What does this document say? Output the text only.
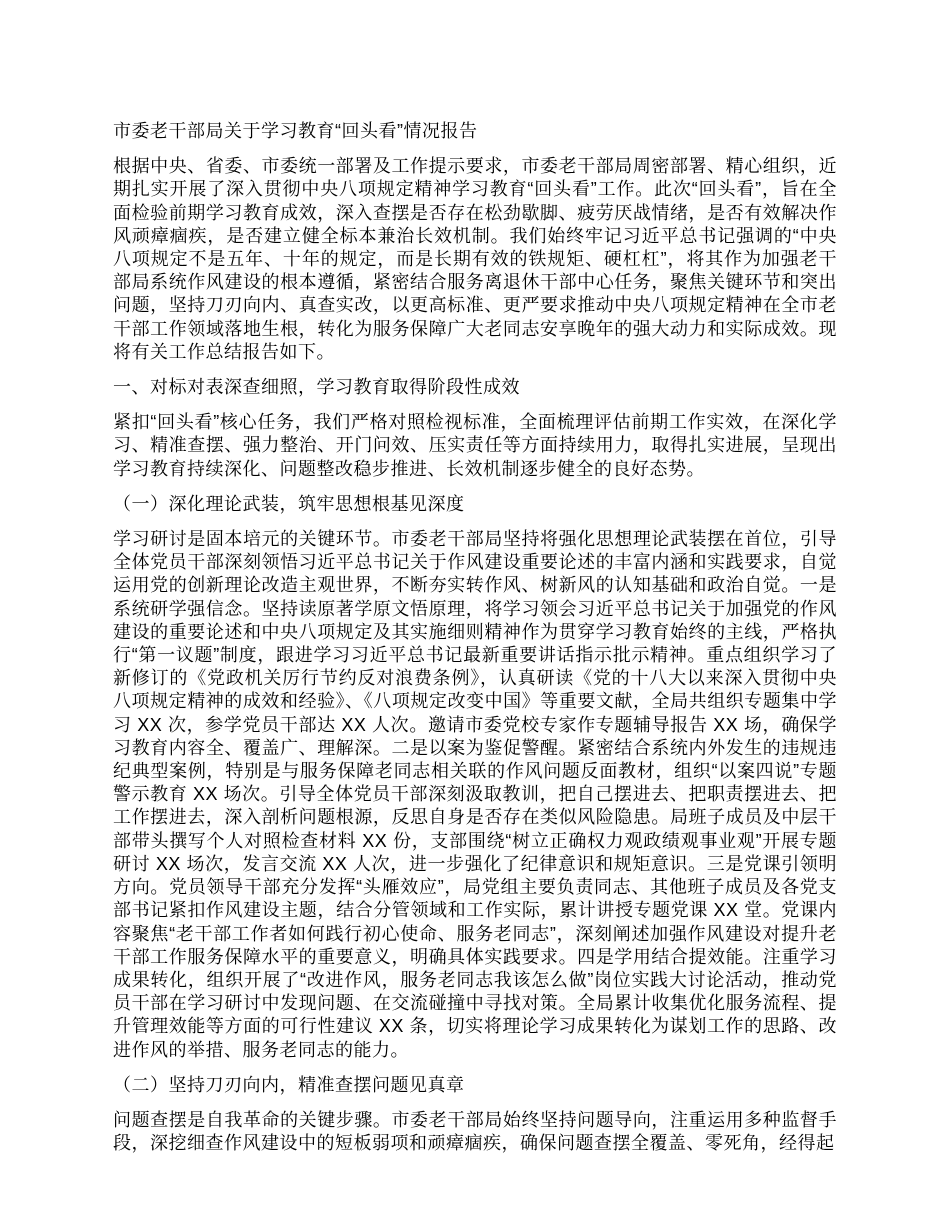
市委老干部局关于学习教育“回头看”情况报告

根据中央、省委、市委统一部署及工作提示要求，市委老干部局周密部署、精心组织，近期扎实开展了深入贯彻中央八项规定精神学习教育“回头看”工作。此次“回头看”，旨在全面检验前期学习教育成效，深入查摆是否存在松劲歇脚、疲劳厌战情绪，是否有效解决作风顽瘴痼疾，是否建立健全标本兼治长效机制。我们始终牢记习近平总书记强调的“中央八项规定不是五年、十年的规定，而是长期有效的铁规矩、硬杠杠”，将其作为加强老干部局系统作风建设的根本遵循，紧密结合服务离退休干部中心任务，聚焦关键环节和突出问题，坚持刀刃向内、真查实改，以更高标准、更严要求推动中央八项规定精神在全市老干部工作领域落地生根，转化为服务保障广大老同志安享晚年的强大动力和实际成效。现将有关工作总结报告如下。

一、对标对表深查细照，学习教育取得阶段性成效

紧扣“回头看”核心任务，我们严格对照检视标准，全面梳理评估前期工作实效，在深化学习、精准查摆、强力整治、开门问效、压实责任等方面持续用力，取得扎实进展，呈现出学习教育持续深化、问题整改稳步推进、长效机制逐步健全的良好态势。

（一）深化理论武装，筑牢思想根基见深度

学习研讨是固本培元的关键环节。市委老干部局坚持将强化思想理论武装摆在首位，引导全体党员干部深刻领悟习近平总书记关于作风建设重要论述的丰富内涵和实践要求，自觉运用党的创新理论改造主观世界，不断夯实转作风、树新风的认知基础和政治自觉。一是系统研学强信念。坚持读原著学原文悟原理，将学习领会习近平总书记关于加强党的作风建设的重要论述和中央八项规定及其实施细则精神作为贯穿学习教育始终的主线，严格执行“第一议题”制度，跟进学习习近平总书记最新重要讲话指示批示精神。重点组织学习了新修订的《党政机关厉行节约反对浪费条例》，认真研读《党的十八大以来深入贯彻中央八项规定精神的成效和经验》、《八项规定改变中国》等重要文献，全局共组织专题集中学习 XX 次，参学党员干部达 XX 人次。邀请市委党校专家作专题辅导报告 XX 场，确保学习教育内容全、覆盖广、理解深。二是以案为鉴促警醒。紧密结合系统内外发生的违规违纪典型案例，特别是与服务保障老同志相关联的作风问题反面教材，组织“以案四说”专题警示教育 XX 场次。引导全体党员干部深刻汲取教训，把自己摆进去、把职责摆进去、把工作摆进去，深入剖析问题根源，反思自身是否存在类似风险隐患。局班子成员及中层干部带头撰写个人对照检查材料 XX 份，支部围绕“树立正确权力观政绩观事业观”开展专题研讨 XX 场次，发言交流 XX 人次，进一步强化了纪律意识和规矩意识。三是党课引领明方向。党员领导干部充分发挥“头雁效应”，局党组主要负责同志、其他班子成员及各党支部书记紧扣作风建设主题，结合分管领域和工作实际，累计讲授专题党课 XX 堂。党课内容聚焦“老干部工作者如何践行初心使命、服务老同志”，深刻阐述加强作风建设对提升老干部工作服务保障水平的重要意义，明确具体实践要求。四是学用结合提效能。注重学习成果转化，组织开展了“改进作风，服务老同志我该怎么做”岗位实践大讨论活动，推动党员干部在学习研讨中发现问题、在交流碰撞中寻找对策。全局累计收集优化服务流程、提升管理效能等方面的可行性建议 XX 条，切实将理论学习成果转化为谋划工作的思路、改进作风的举措、服务老同志的能力。

（二）坚持刀刃向内，精准查摆问题见真章

问题查摆是自我革命的关键步骤。市委老干部局始终坚持问题导向，注重运用多种监督手段，深挖细查作风建设中的短板弱项和顽瘴痼疾，确保问题查摆全覆盖、零死角，经得起
